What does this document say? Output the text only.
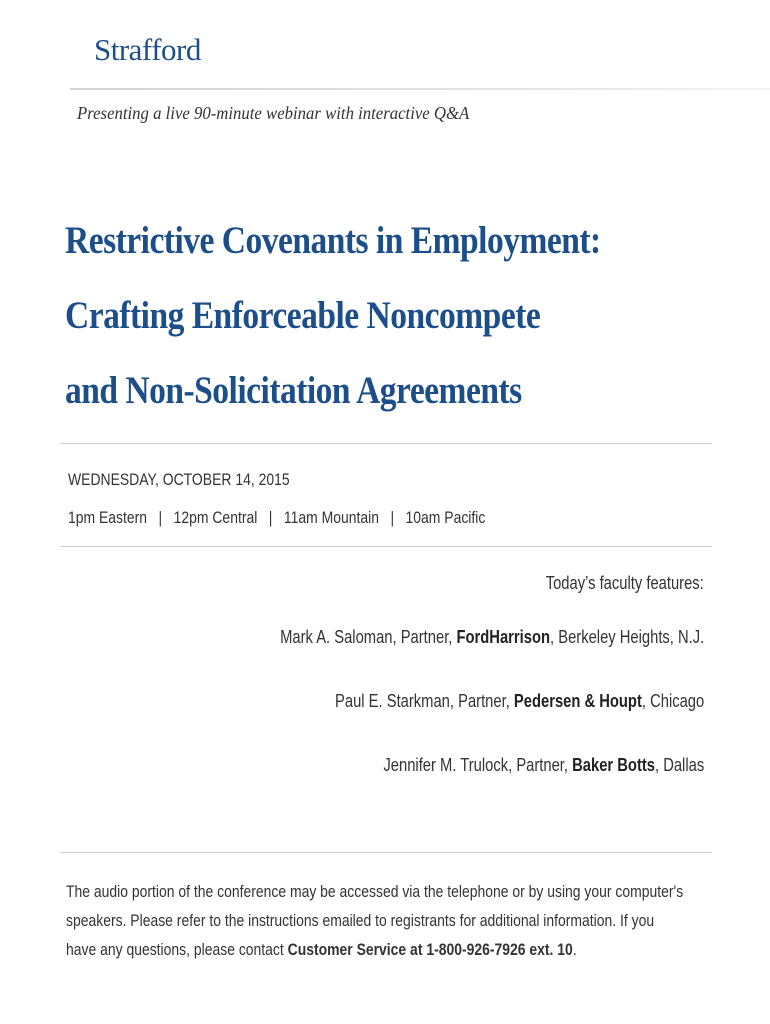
Strafford
Presenting a live 90-minute webinar with interactive Q&A
Restrictive Covenants in Employment:
Crafting Enforceable Noncompete
and Non-Solicitation Agreements
WEDNESDAY, OCTOBER 14, 2015
1pm Eastern | 12pm Central | 11am Mountain | 10am Pacific
Today’s faculty features:
Mark A. Saloman, Partner, FordHarrison, Berkeley Heights, N.J.
Paul E. Starkman, Partner, Pedersen & Houpt, Chicago
Jennifer M. Trulock, Partner, Baker Botts, Dallas
The audio portion of the conference may be accessed via the telephone or by using your computer's
speakers. Please refer to the instructions emailed to registrants for additional information. If you
have any questions, please contact Customer Service at 1-800-926-7926 ext. 10.
